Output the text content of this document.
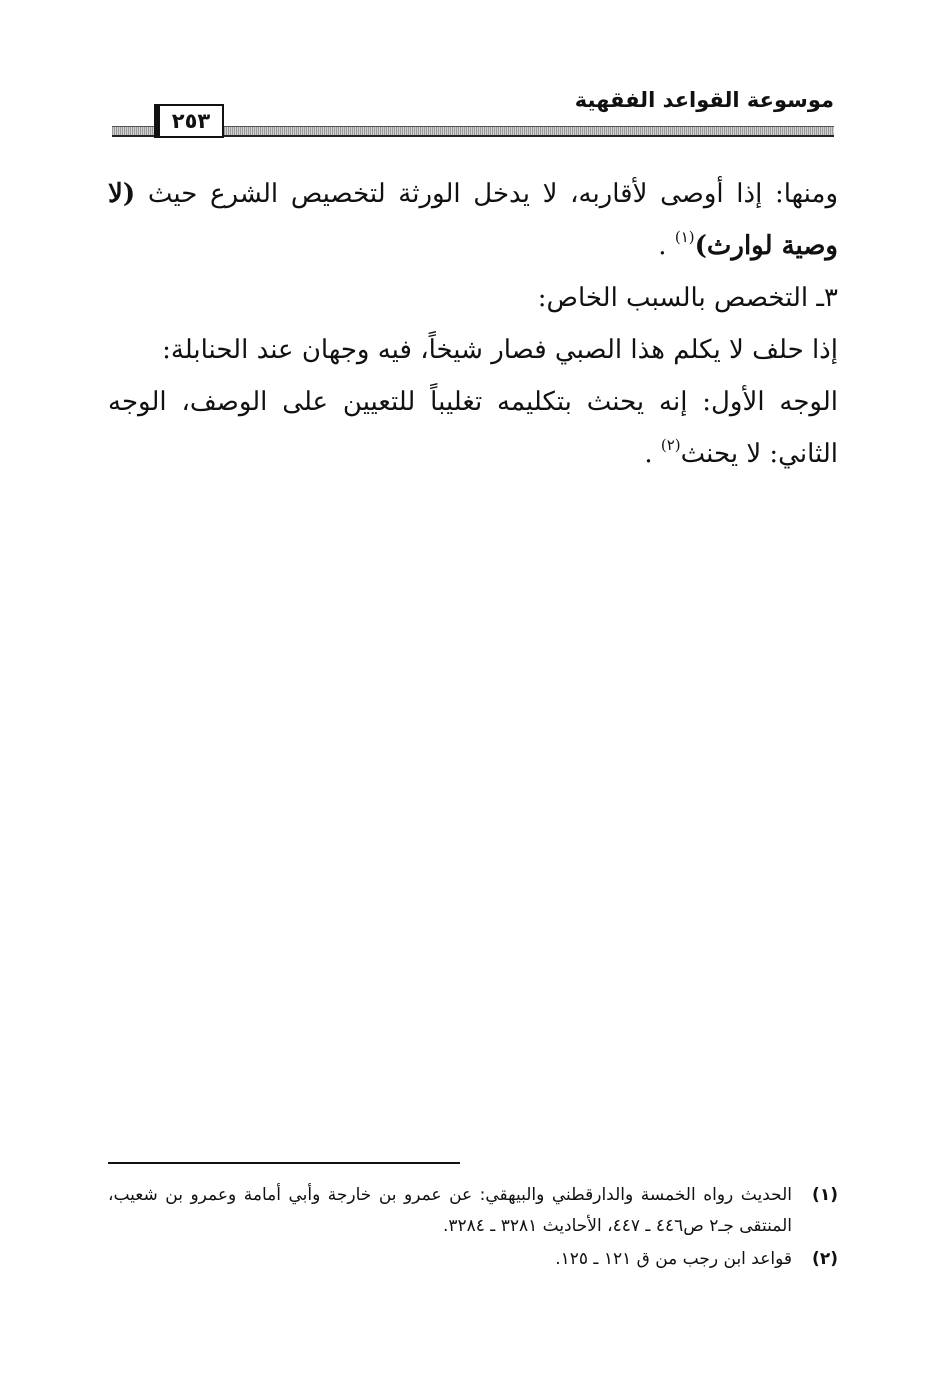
٢٥٣
موسوعة القواعد الفقهية

ومنها: إذا أوصى لأقاربه، لا يدخل الورثة لتخصيص الشرع حيث (لا وصية لوارث)$^{(١)}$ .

٣ـ التخصص بالسبب الخاص:

إذا حلف لا يكلم هذا الصبي فصار شيخاً، فيه وجهان عند الحنابلة:

الوجه الأول: إنه يحنث بتكليمه تغليباً للتعيين على الوصف، الوجه الثاني: لا يحنث$^{(٢)}$ .

(١)
الحديث رواه الخمسة والدارقطني والبيهقي: عن عمرو بن خارجة وأبي أمامة وعمرو بن شعيب، المنتقى جـ٢ ص٤٤٦ ـ ٤٤٧، الأحاديث ٣٢٨١ ـ ٣٢٨٤.
(٢)
قواعد ابن رجب من ق ١٢١ ـ ١٢٥.
